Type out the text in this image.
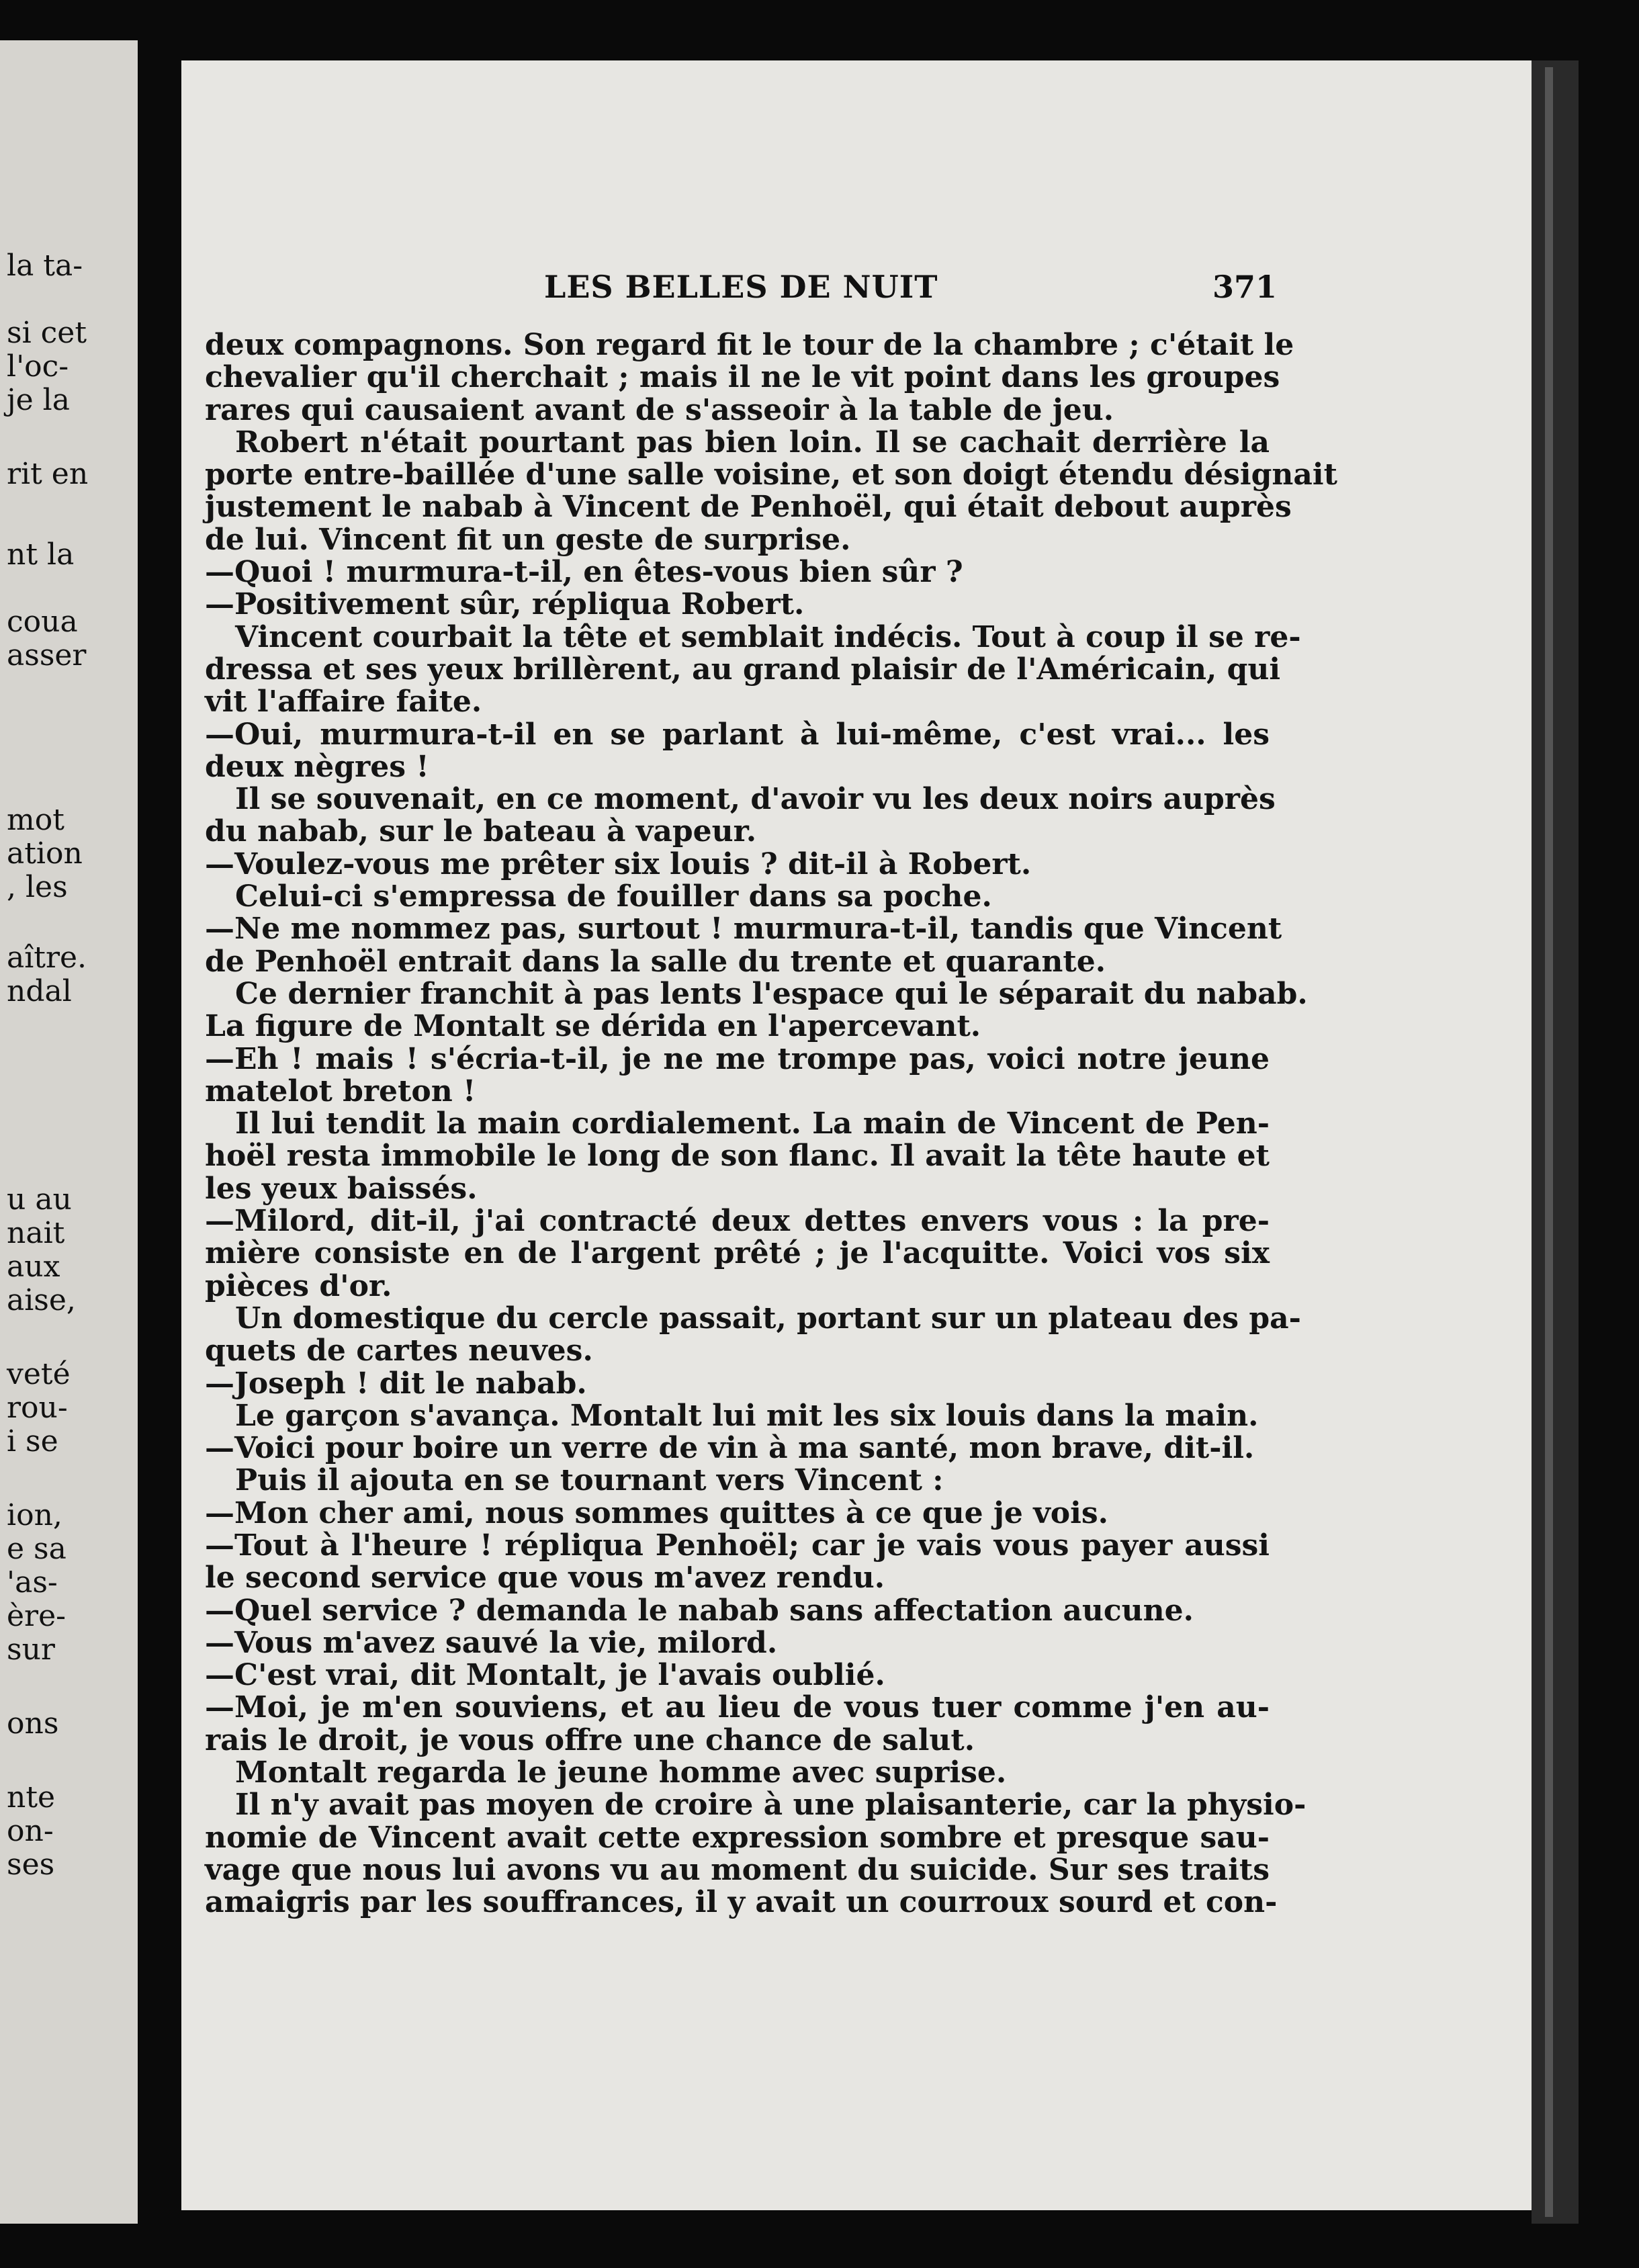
la ta-
si cet
l'oc-
je la
rit en
nt la
coua
asser
mot
ation
, les
aître.
ndal
u au
nait
aux
aise,
veté
rou-
i se
ion,
e sa
'as-
ère-
sur
ons
nte
on-
ses
LES BELLES DE NUIT	371
deux compagnons. Son regard fit le tour de la chambre ; c'était le
chevalier qu'il cherchait ; mais il ne le vit point dans les groupes
rares qui causaient avant de s'asseoir à la table de jeu.
Robert n'était pourtant pas bien loin. Il se cachait derrière la
porte entre-baillée d'une salle voisine, et son doigt étendu désignait
justement le nabab à Vincent de Penhoël, qui était debout auprès
de lui. Vincent fit un geste de surprise.
—Quoi ! murmura-t-il, en êtes-vous bien sûr ?
—Positivement sûr, répliqua Robert.
Vincent courbait la tête et semblait indécis. Tout à coup il se re-
dressa et ses yeux brillèrent, au grand plaisir de l'Américain, qui
vit l'affaire faite.
—Oui, murmura-t-il en se parlant à lui-même, c'est vrai... les
deux nègres !
Il se souvenait, en ce moment, d'avoir vu les deux noirs auprès
du nabab, sur le bateau à vapeur.
—Voulez-vous me prêter six louis ? dit-il à Robert.
Celui-ci s'empressa de fouiller dans sa poche.
—Ne me nommez pas, surtout ! murmura-t-il, tandis que Vincent
de Penhoël entrait dans la salle du trente et quarante.
Ce dernier franchit à pas lents l'espace qui le séparait du nabab.
La figure de Montalt se dérida en l'apercevant.
—Eh ! mais ! s'écria-t-il, je ne me trompe pas, voici notre jeune
matelot breton !
Il lui tendit la main cordialement. La main de Vincent de Pen-
hoël resta immobile le long de son flanc. Il avait la tête haute et
les yeux baissés.
—Milord, dit-il, j'ai contracté deux dettes envers vous : la pre-
mière consiste en de l'argent prêté ; je l'acquitte. Voici vos six
pièces d'or.
Un domestique du cercle passait, portant sur un plateau des pa-
quets de cartes neuves.
—Joseph ! dit le nabab.
Le garçon s'avança. Montalt lui mit les six louis dans la main.
—Voici pour boire un verre de vin à ma santé, mon brave, dit-il.
Puis il ajouta en se tournant vers Vincent :
—Mon cher ami, nous sommes quittes à ce que je vois.
—Tout à l'heure ! répliqua Penhoël; car je vais vous payer aussi
le second service que vous m'avez rendu.
—Quel service ? demanda le nabab sans affectation aucune.
—Vous m'avez sauvé la vie, milord.
—C'est vrai, dit Montalt, je l'avais oublié.
—Moi, je m'en souviens, et au lieu de vous tuer comme j'en au-
rais le droit, je vous offre une chance de salut.
Montalt regarda le jeune homme avec suprise.
Il n'y avait pas moyen de croire à une plaisanterie, car la physio-
nomie de Vincent avait cette expression sombre et presque sau-
vage que nous lui avons vu au moment du suicide. Sur ses traits
amaigris par les souffrances, il y avait un courroux sourd et con-
